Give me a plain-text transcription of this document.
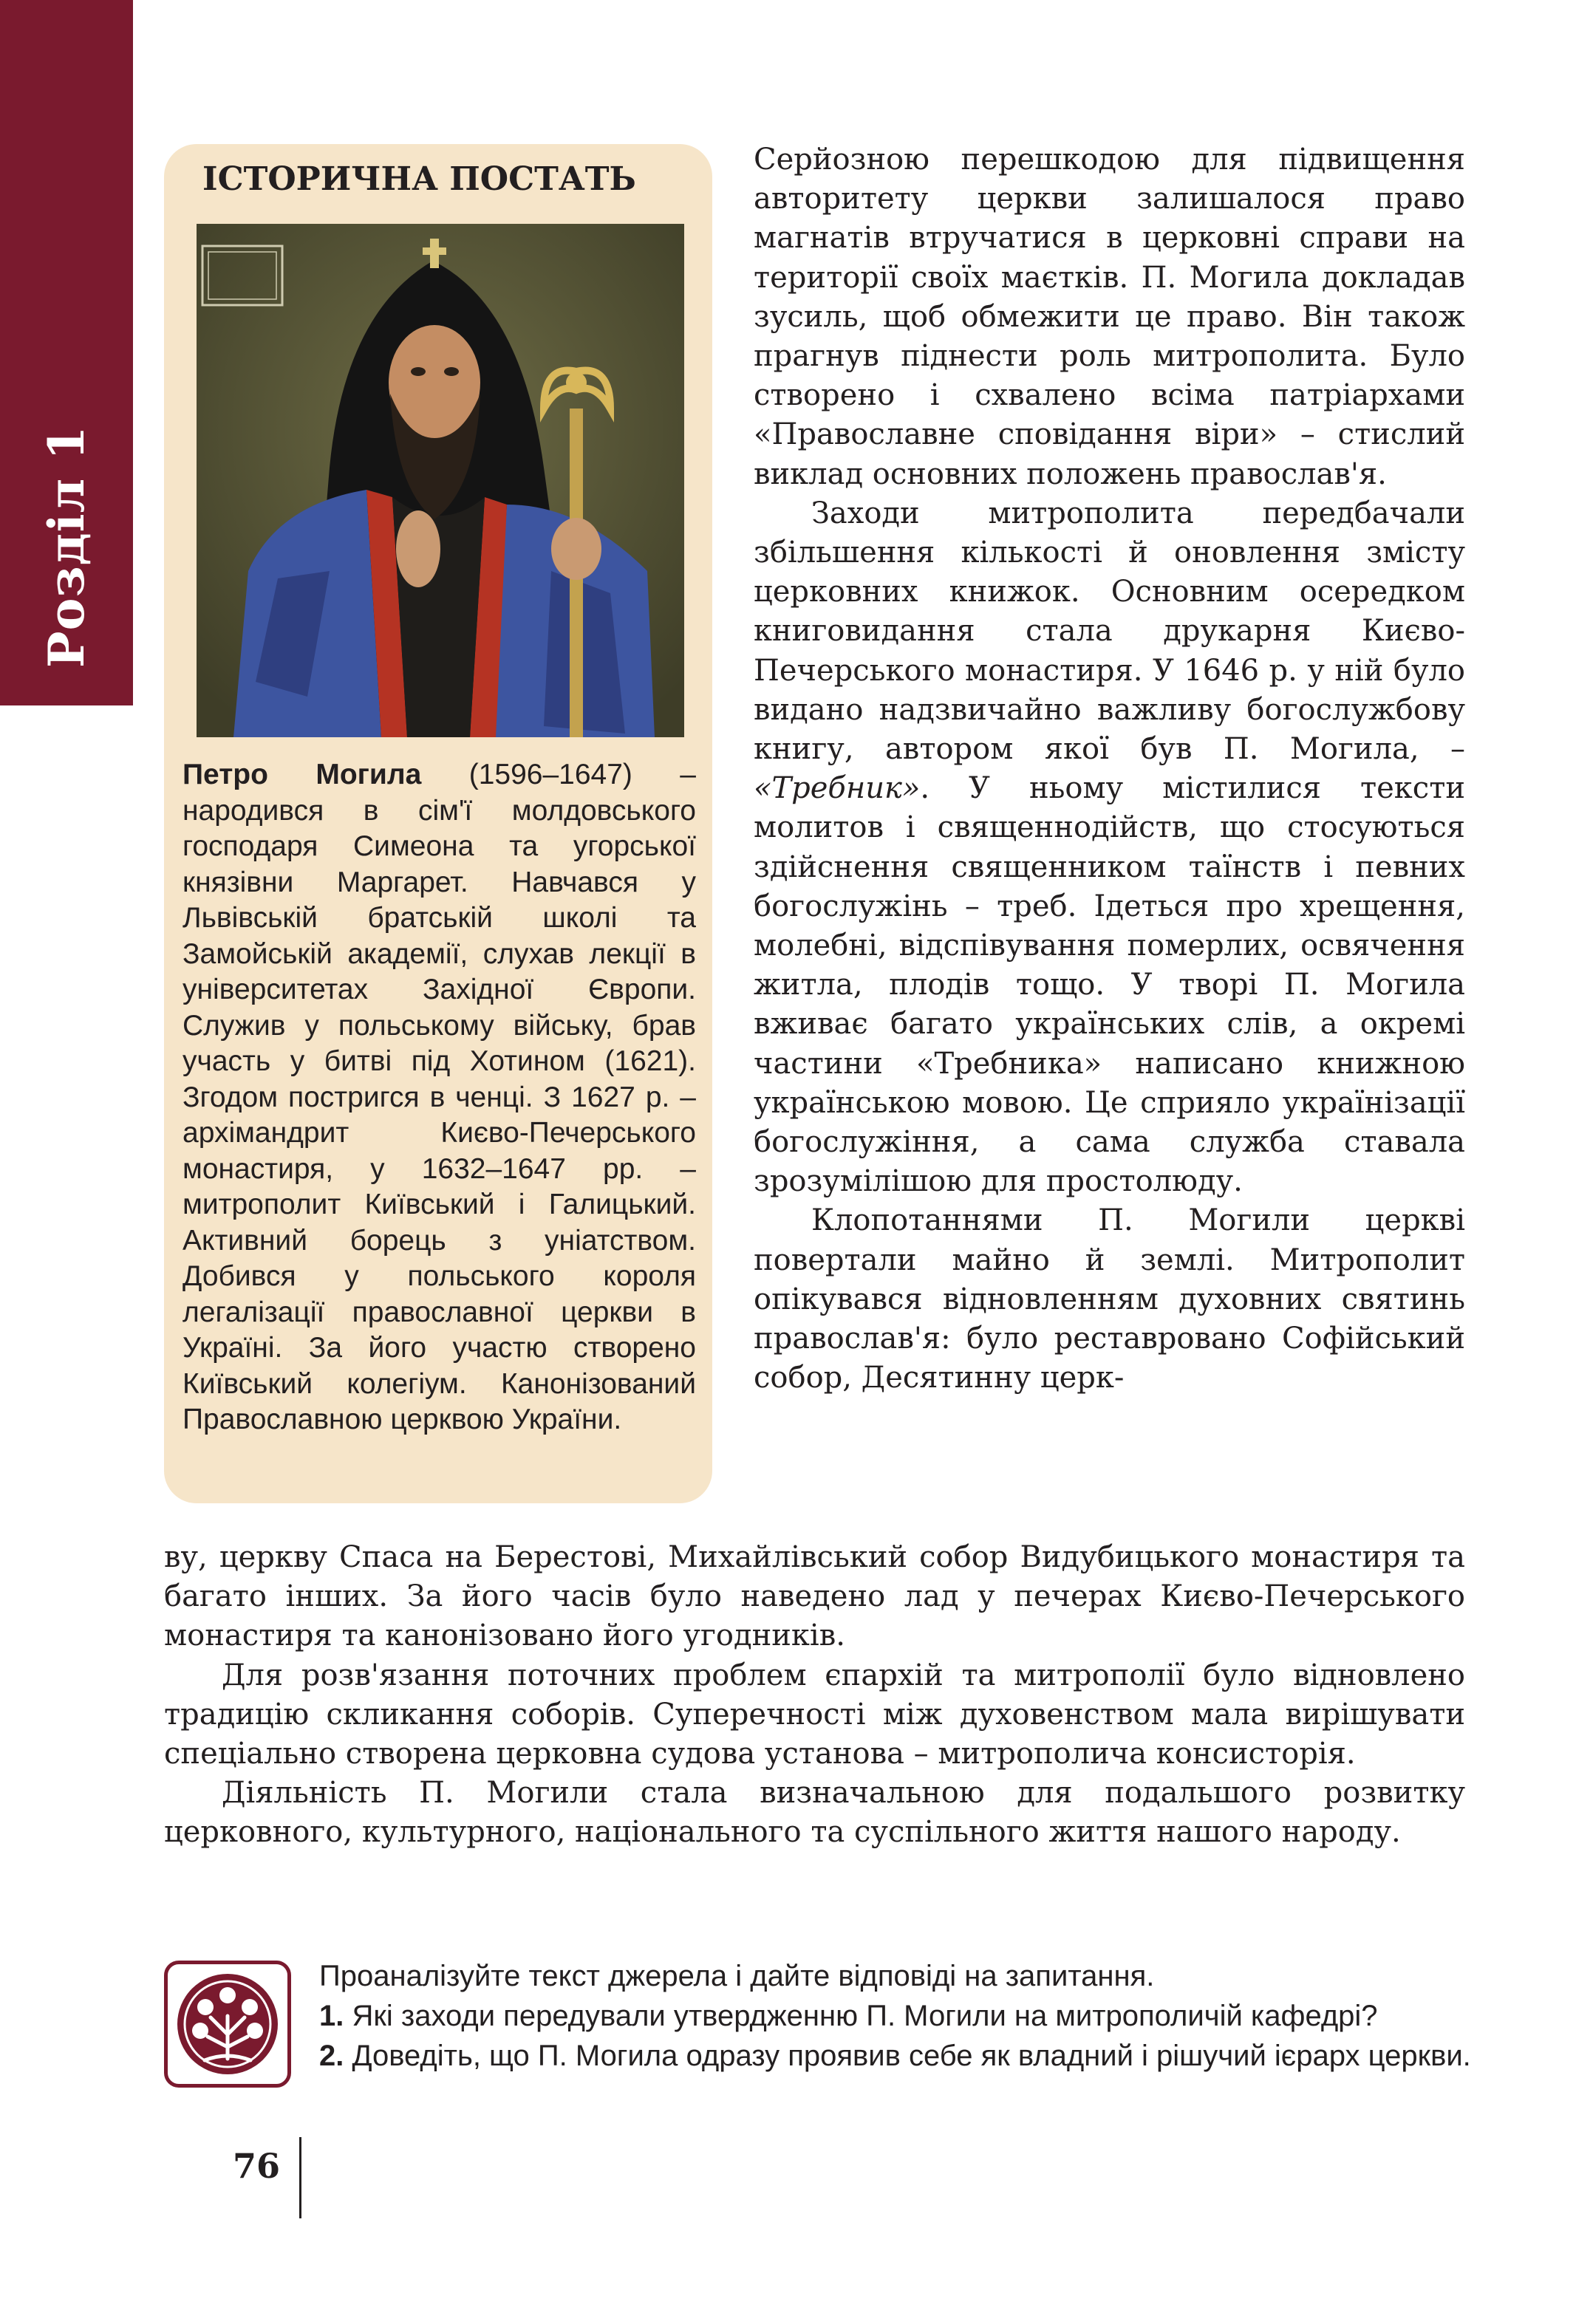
Розділ 1
ІСТОРИЧНА ПОСТАТЬ
Петро Могила (1596–1647) – народився в сім'ї молдовського господаря Симеона та угорської князівни Маргарет. Навчався у Львівській братській школі та Замойській академії, слухав лекції в університетах Західної Європи. Служив у польському війську, брав участь у битві під Хотином (1621). Згодом постригся в ченці. З 1627 р. – архімандрит Києво-Печерського монастиря, у 1632–1647 рр. – митрополит Київський і Галицький. Активний борець з уніатством. Добився у польського короля легалізації православної церкви в Україні. За його участю створено Київський колегіум. Канонізований Православною церквою України.

Серйозною перешкодою для підвищення авторитету церкви залишалося право магнатів втручатися в церковні справи на території своїх маєтків. П. Могила докладав зусиль, щоб обмежити це право. Він також прагнув піднести роль митрополита. Було створено і схвалено всіма патріархами «Православне сповідання віри» – стислий виклад основних положень православ'я.

Заходи митрополита передбачали збільшення кількості й оновлення змісту церковних книжок. Основним осередком книговидання стала друкарня Києво-Печерського монастиря. У 1646 р. у ній було видано надзвичайно важливу богослужбову книгу, автором якої був П. Могила, – «Требник». У ньому містилися тексти молитов і священнодійств, що стосуються здійснення священником таїнств і певних богослужінь – треб. Ідеться про хрещення, молебні, відспівування померлих, освячення житла, плодів тощо. У творі П. Могила вживає багато українських слів, а окремі частини «Требника» написано книжною українською мовою. Це сприяло українізації богослужіння, а сама служба ставала зрозумілішою для простолюду.

Клопотаннями П. Могили церкві повертали майно й землі. Митрополит опікувався відновленням духовних святинь православ'я: було реставровано Софійський собор, Десятинну церк-

ву, церкву Спаса на Берестові, Михайлівський собор Видубицького монастиря та багато інших. За його часів було наведено лад у печерах Києво-Печерського монастиря та канонізовано його угодників.

Для розв'язання поточних проблем єпархій та митрополії було відновлено традицію скликання соборів. Суперечності між духовенством мала вирішувати спеціально створена церковна судова установа – митрополича консисторія.

Діяльність П. Могили стала визначальною для подальшого розвитку церковного, культурного, національного та суспільного життя нашого народу.

Проаналізуйте текст джерела і дайте відповіді на запитання.

1. Які заходи передували утвердженню П. Могили на митрополичій кафедрі?

2. Доведіть, що П. Могила одразу проявив себе як владний і рішучий ієрарх церкви.

76
